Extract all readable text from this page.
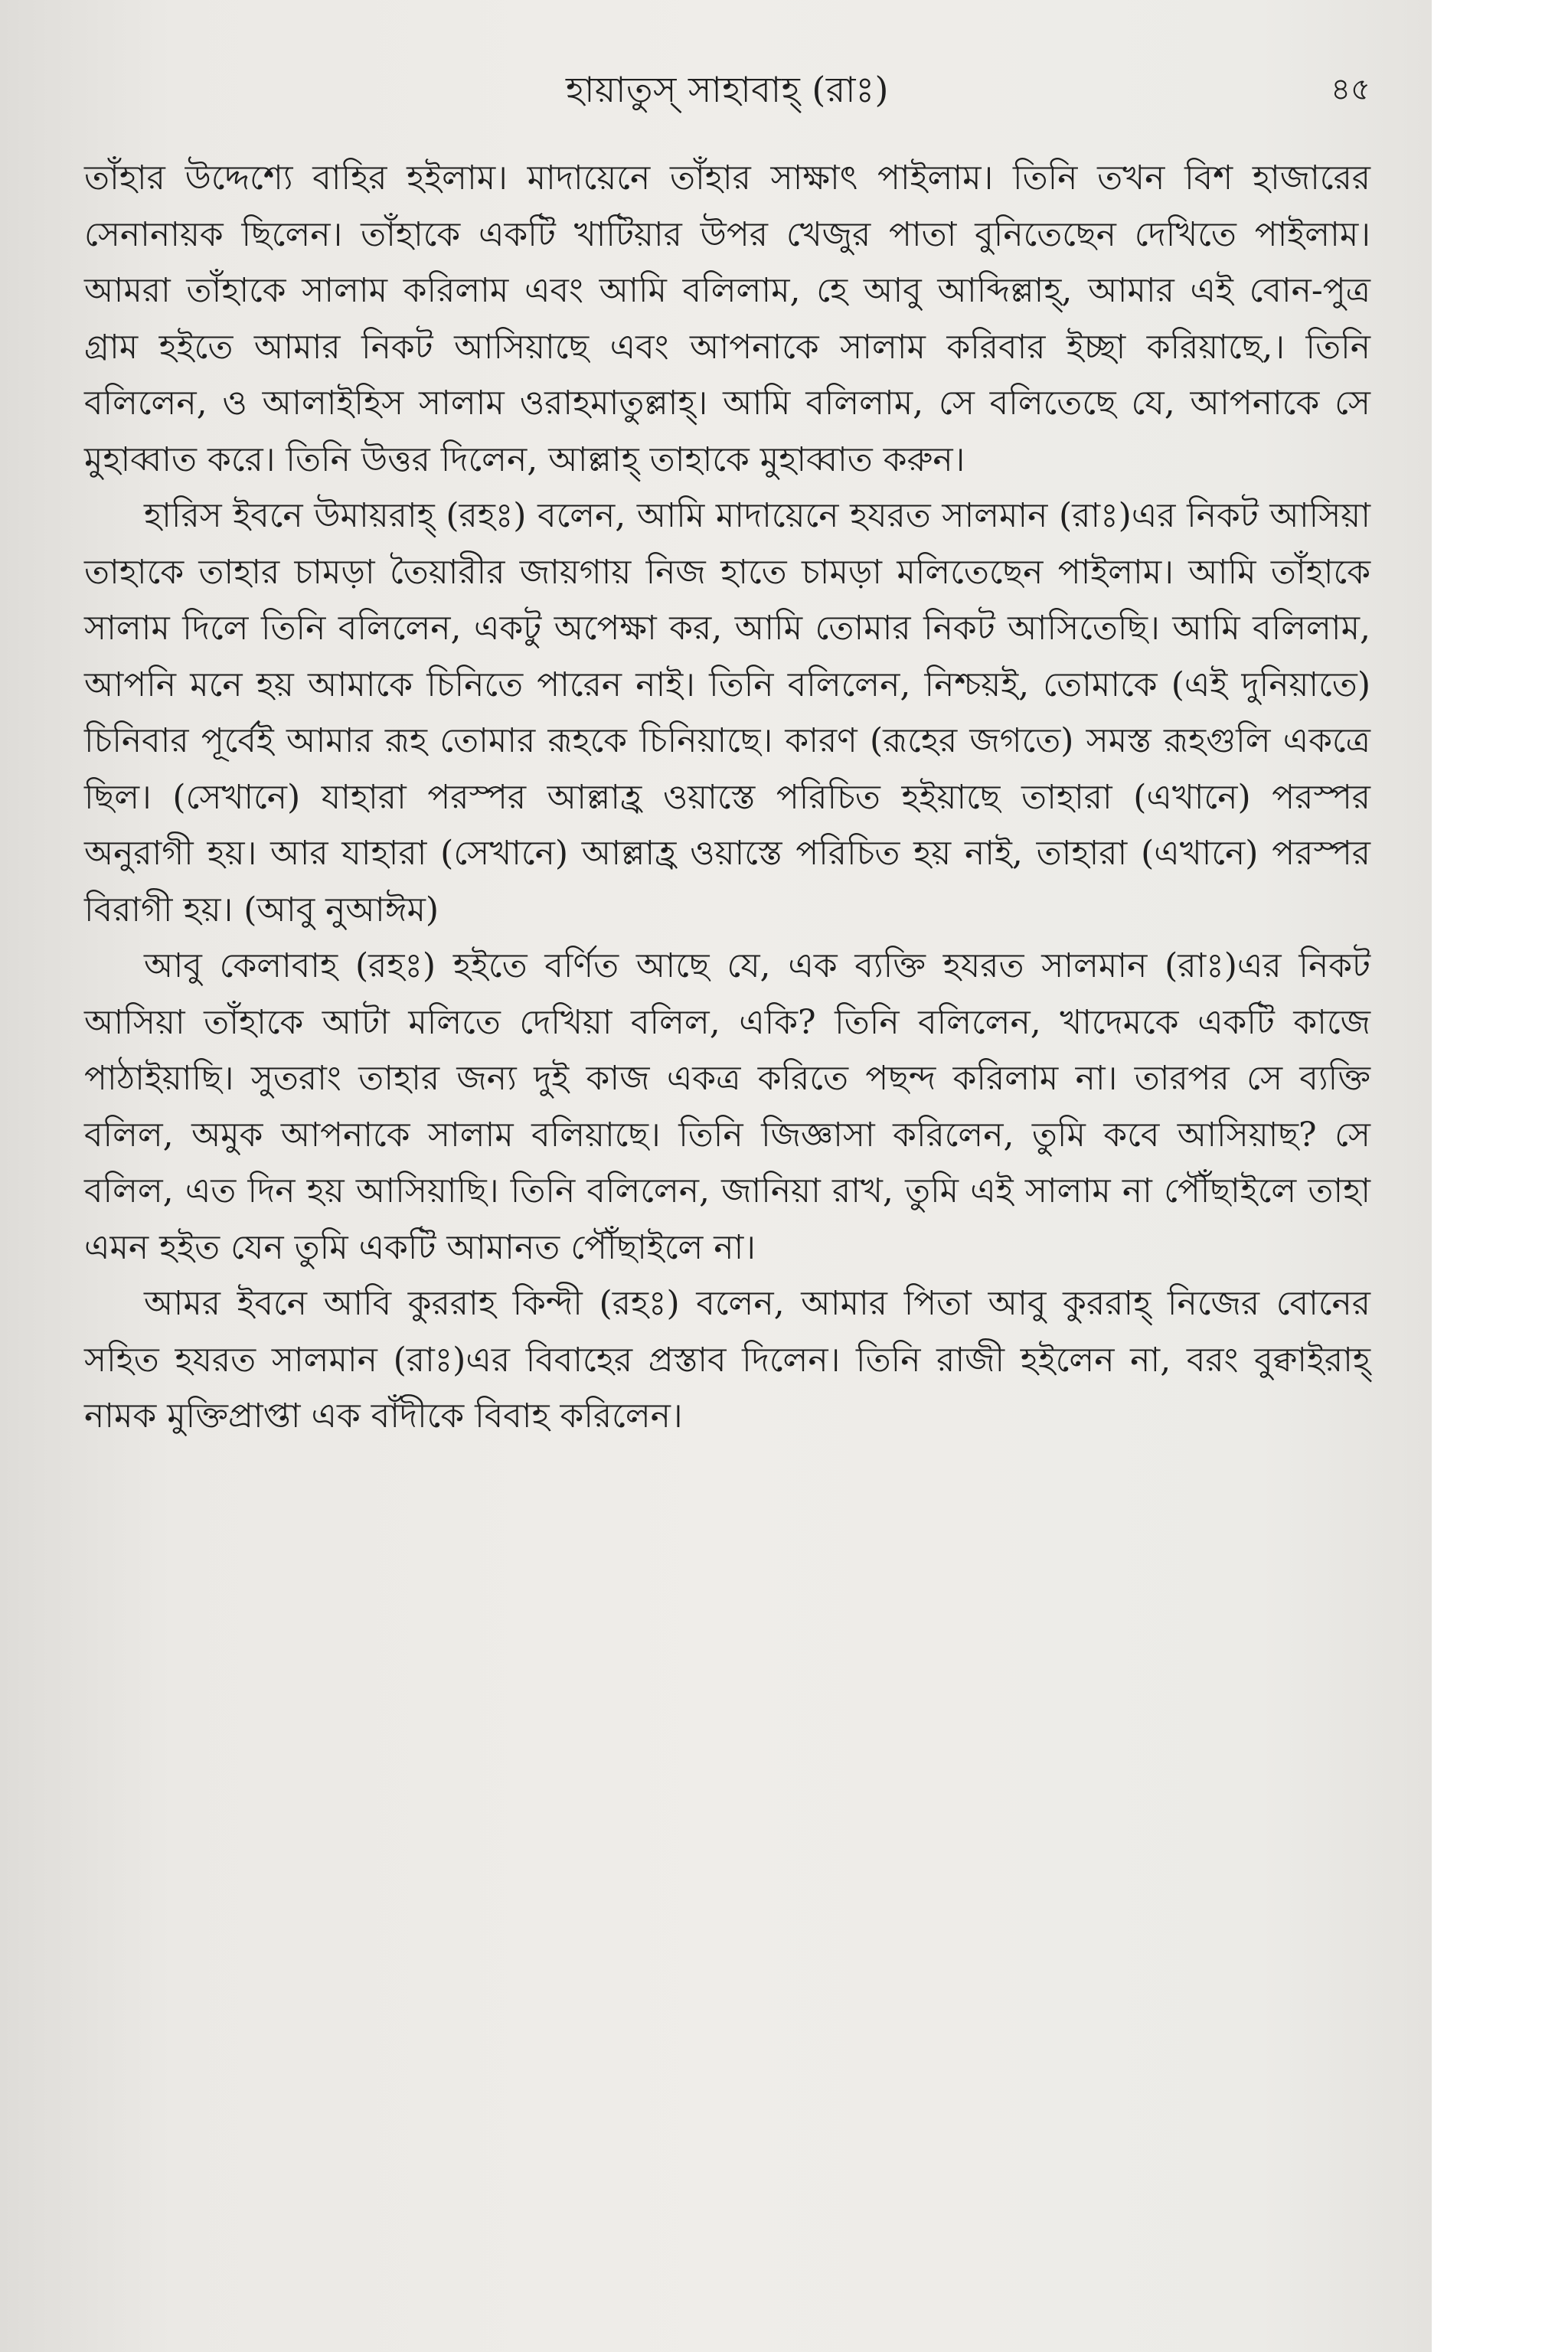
হায়াতুস্ সাহাবাহ্ (রাঃ)	৪৫

তাঁহার উদ্দেশ্যে বাহির হইলাম। মাদায়েনে তাঁহার সাক্ষাৎ পাইলাম। তিনি তখন বিশ হাজারের সেনানায়ক ছিলেন। তাঁহাকে একটি খাটিয়ার উপর খেজুর পাতা বুনিতেছেন দেখিতে পাইলাম। আমরা তাঁহাকে সালাম করিলাম এবং আমি বলিলাম, হে আবু আব্দিল্লাহ্, আমার এই বোন-পুত্র গ্রাম হইতে আমার নিকট আসিয়াছে এবং আপনাকে সালাম করিবার ইচ্ছা করিয়াছে,। তিনি বলিলেন, ও আলাইহিস সালাম ওরাহমাতুল্লাহ্। আমি বলিলাম, সে বলিতেছে যে, আপনাকে সে মুহাব্বাত করে। তিনি উত্তর দিলেন, আল্লাহ্ তাহাকে মুহাব্বাত করুন।

হারিস ইবনে উমায়রাহ্ (রহঃ) বলেন, আমি মাদায়েনে হযরত সালমান (রাঃ)এর নিকট আসিয়া তাহাকে তাহার চামড়া তৈয়ারীর জায়গায় নিজ হাতে চামড়া মলিতেছেন পাইলাম। আমি তাঁহাকে সালাম দিলে তিনি বলিলেন, একটু অপেক্ষা কর, আমি তোমার নিকট আসিতেছি। আমি বলিলাম, আপনি মনে হয় আমাকে চিনিতে পারেন নাই। তিনি বলিলেন, নিশ্চয়ই, তোমাকে (এই দুনিয়াতে) চিনিবার পূর্বেই আমার রূহ তোমার রূহকে চিনিয়াছে। কারণ (রূহের জগতে) সমস্ত রূহগুলি একত্রে ছিল। (সেখানে) যাহারা পরস্পর আল্লাহ্র ওয়াস্তে পরিচিত হইয়াছে তাহারা (এখানে) পরস্পর অনুরাগী হয়। আর যাহারা (সেখানে) আল্লাহ্র ওয়াস্তে পরিচিত হয় নাই, তাহারা (এখানে) পরস্পর বিরাগী হয়। (আবু নুআঈম)

আবু কেলাবাহ (রহঃ) হইতে বর্ণিত আছে যে, এক ব্যক্তি হযরত সালমান (রাঃ)এর নিকট আসিয়া তাঁহাকে আটা মলিতে দেখিয়া বলিল, একি? তিনি বলিলেন, খাদেমকে একটি কাজে পাঠাইয়াছি। সুতরাং তাহার জন্য দুই কাজ একত্র করিতে পছন্দ করিলাম না। তারপর সে ব্যক্তি বলিল, অমুক আপনাকে সালাম বলিয়াছে। তিনি জিজ্ঞাসা করিলেন, তুমি কবে আসিয়াছ? সে বলিল, এত দিন হয় আসিয়াছি। তিনি বলিলেন, জানিয়া রাখ, তুমি এই সালাম না পৌঁছাইলে তাহা এমন হইত যেন তুমি একটি আমানত পৌঁছাইলে না।

আমর ইবনে আবি কুররাহ কিন্দী (রহঃ) বলেন, আমার পিতা আবু কুররাহ্ নিজের বোনের সহিত হযরত সালমান (রাঃ)এর বিবাহের প্রস্তাব দিলেন। তিনি রাজী হইলেন না, বরং বুক্বাইরাহ্ নামক মুক্তিপ্রাপ্তা এক বাঁদীকে বিবাহ করিলেন।
